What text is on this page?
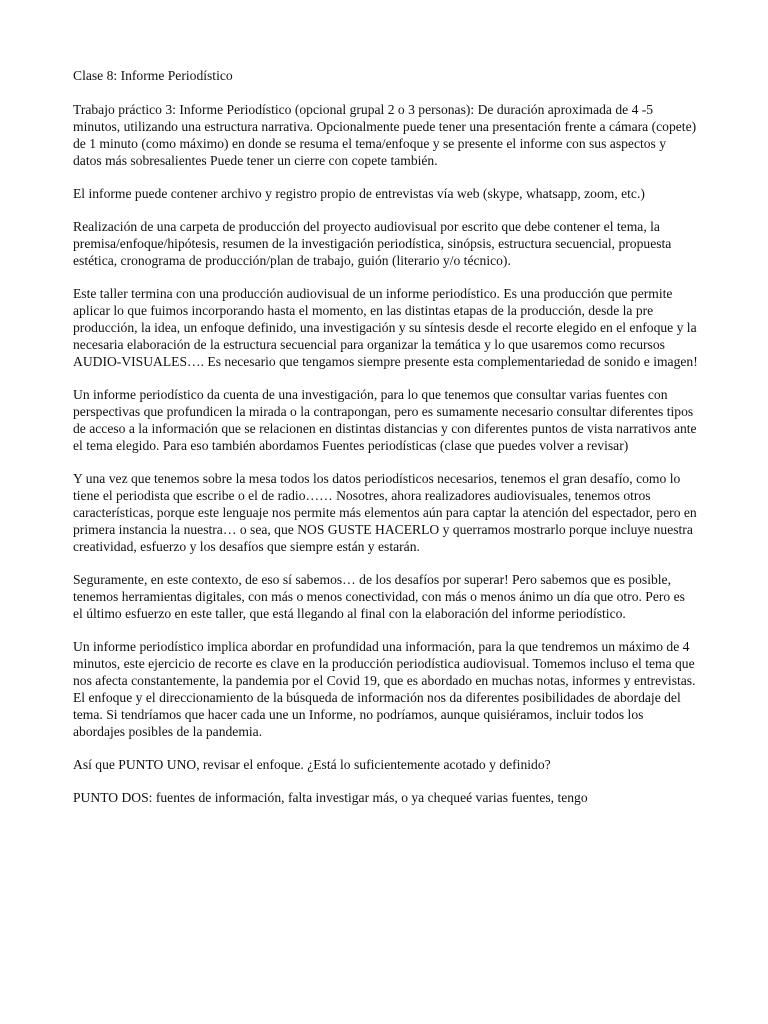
Clase 8: Informe Periodístico

Trabajo práctico 3: Informe Periodístico (opcional grupal 2 o 3 personas): De duración aproximada de 4 -5 minutos, utilizando una estructura narrativa. Opcionalmente puede tener una presentación frente a cámara (copete) de 1 minuto (como máximo) en donde se resuma el tema/enfoque y se presente el informe con sus aspectos y datos más sobresalientes Puede tener un cierre con copete también.

El informe puede contener archivo y registro propio de entrevistas vía web (skype, whatsapp, zoom, etc.)

Realización de una carpeta de producción del proyecto audiovisual por escrito que debe contener el tema, la premisa/enfoque/hipótesis, resumen de la investigación periodística, sinópsis, estructura secuencial, propuesta estética, cronograma de producción/plan de trabajo, guión (literario y/o técnico).

Este taller termina con una producción audiovisual de un informe periodístico. Es una producción que permite aplicar lo que fuimos incorporando hasta el momento, en las distintas etapas de la producción, desde la pre producción, la idea, un enfoque definido, una investigación y su síntesis desde el recorte elegido en el enfoque y la necesaria elaboración de la estructura secuencial para organizar la temática y lo que usaremos como recursos AUDIO-VISUALES…. Es necesario que tengamos siempre presente esta complementariedad de sonido e imagen!

Un informe periodístico da cuenta de una investigación, para lo que tenemos que consultar varias fuentes con perspectivas que profundicen la mirada o la contrapongan, pero es sumamente necesario consultar diferentes tipos de acceso a la información que se relacionen en distintas distancias y con diferentes puntos de vista narrativos ante el tema elegido. Para eso también abordamos Fuentes periodísticas (clase que puedes volver a revisar)

Y una vez que tenemos sobre la mesa todos los datos periodísticos necesarios, tenemos el gran desafío, como lo tiene el periodista que escribe o el de radio…… Nosotres, ahora realizadores audiovisuales, tenemos otros características, porque este lenguaje nos permite más elementos aún para captar la atención del espectador, pero en primera instancia la nuestra… o sea, que NOS GUSTE HACERLO y querramos mostrarlo porque incluye nuestra creatividad, esfuerzo y los desafíos que siempre están y estarán.

Seguramente, en este contexto, de eso sí sabemos… de los desafíos por superar! Pero sabemos que es posible, tenemos herramientas digitales, con más o menos conectividad, con más o menos ánimo un día que otro. Pero es el último esfuerzo en este taller, que está llegando al final con la elaboración del informe periodístico.

Un informe periodístico implica abordar en profundidad una información, para la que tendremos un máximo de 4 minutos, este ejercicio de recorte es clave en la producción periodística audiovisual. Tomemos incluso el tema que nos afecta constantemente, la pandemia por el Covid 19, que es abordado en muchas notas, informes y entrevistas. El enfoque y el direccionamiento de la búsqueda de información nos da diferentes posibilidades de abordaje del tema. Si tendríamos que hacer cada une un Informe, no podríamos, aunque quisiéramos, incluir todos los abordajes posibles de la pandemia.

Así que PUNTO UNO, revisar el enfoque. ¿Está lo suficientemente acotado y definido?

PUNTO DOS: fuentes de información, falta investigar más, o ya chequeé varias fuentes, tengo
